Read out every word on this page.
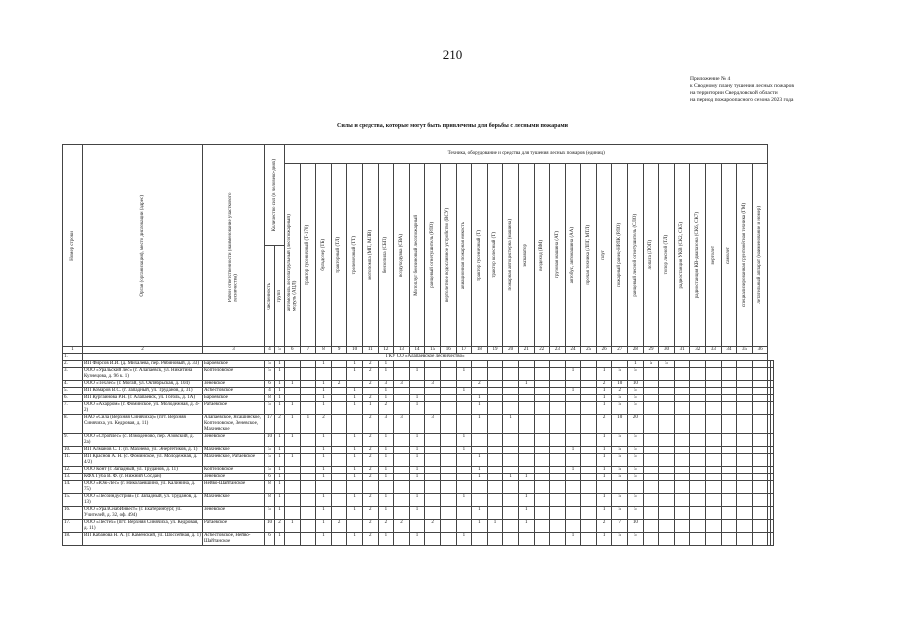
210
Приложение № 4
к Сводному плану тушения лесных пожаров
на территории Свердловской области
на период пожароопасного сезона 2023 года
Силы и средства, которые могут быть привлечены для борьбы с лесными пожарами
Номер строки	Орган (организация), место дислокации (адрес)	Район ответственности (наименование участкового лесничества)	Количество сил (в человеко-днях)		Техника, оборудование и средства для тушения лесных пожаров (единиц)																																

					автомобиль лесопатрульный (лесопожарный) модуль (АЦЛ)	трактор гусеничный (Т-170)	бульдозер (ТБ)	тракторный (ТЛ)	трелевочный (ТТ)	мотопомпа (МП, МЛВ)	бензопила (СБП)	воздуходувка (СВА)	Мотоплуг бензиновый лесопожарный	ранцевый огнетушитель (РЛО)	вертолетное водосливное устройство (ВСУ)	авиационная пожарная емкость	трактор гусеничный (Т)	трактор колесный (Т)	пожарная автоцистерна (машина)	экскаватор	вездеход (ВМ)	грузовая машина (АТ)	автобус, автомашина (АА)	прочая техника (ЛПГ, МТЛ)	плуг	пожарный ранец-НРЛК (РЛО)	ранцевый лесной огнетушитель (СЛО)	лопата (ЛОП)	топор лесной (ТЛ)	радиостанция УКВ (СК2, СК5)	радиостанция КВ-диапазона (СК6, СК7)	вертолет	самолет	специализированная грунтомётная техника (ГМ)	летательный аппарат (наименование и номер)		

			численность	групп																																	

1	2	3	4	5	6	7	8	9	10	11	12	13	14	15	16	17	18	19	20	21	22	23	24	25	26	27	28	29	30	31	32	33	34	35	36		
1.	ГКУ СО «Алапаевское лесничество»																																				
2.	ИП Фирсов И.И. (д. Михалева, пер. Рябиновый, д. 33)	Бароевское	5	1			1		1	2	1																1	5	5								
3.	ООО «Уральский лес» (г. Алапаевск, ул. Никитина Кузнецова, д. 96 к. 1)	Коптеловское	5	1					1	2	1		1			1							1		1	5	5										
4.	ООО «Техлес» (г. Могай, ул. Октябрьская, д. 104)	Зеневское	6	1	1		1	2		2	3	3		3			2			1					2	10	10										
5.	ИП Комаров В.С. (г. Западный, ул. Труданов, д. 31)	Асбестовское	4	1			1		1		1					1							1		1	2	5										
6.	ИП Кургаинова Р.Н. (г. Алапаевск, ул. Гоголь, д. 1А)	Бароевское	8	1			1		1	2	1		1				1								1	5	5										
7.	ООО «Ахарром» (г. Фоминское, ул. Молодежная, д. 4-2)	Ратаевское	5	1	1		1		1	1	2		1				1								1	5	5										
8.	НАО «Сила (Верхняя Синячиха)» (пгт. Верхняя Синячиха, ул. Кедровая, д. 11)	Алапаевское, Ясашинское, Коптеловское, Зеневское, Махневское	17	2	1	1	2			2	3	3		3			1		1						2	10	20										
9.	ООО «Стройлес» (с. Измоденово, пер. Азовский, д. 2а)	Зеневское	10	1	1		1		1	2	1		1			1									1	5	5										
10.	ИП Алманов С. Г. (п. Махнево, ул. Энергетиков, д. 1)	Махневское	5	1			1		1	2	1		1			1							1		1	5	5										
11.	ИП Краснов А. Н. (с. Фоминское, ул. Молодежная, д. 4/2)	Махневское, Ратаевское	5	1	1		1		1	2	1		1				1								1	5	5										
12.	ООО Конт (г. Западный, ул. Труданов, д. 11)	Коптеловское	5	1			1		1	2	1		1				1						1		1	5	5										
13.	КФХ Губа В. Ф. (г. Нижний Сосдан)	Зеневское	6	1			1		1	2	1		1				1		1	1					1	5	5										
14.	ООО «Юж-Лес» (г. Николаевшино, ул. Калинина, д. 75)	Нейво-Шайтанское	8	1																																	
15.	ООО «Лесоиндустрия» (г. Западный, ул. Труданов, д. 13)	Махневское	8	1			1		1	2	1		1			1				1					1	5	5										
16.	ООО «УралСнабИнвест» (г. Екатеринбург, ул. Учителей, д. 32, оф. 494)	Зеневское	5	1			1		1	2	1		1				1			1					1	5	5										
17.	ООО «Лестех» (пгт. Верхняя Синячиха, ул. Кедровая, д. 11)	Ратаевское	10	2	1		1	2		2	2	2		2			1	1		1					2	7	10										
18.	ИП Кабанова Н. А. (г. Каменский, ул. Шоссейная, д. 1)	Асбестовское, Нейво-Шайтанское	6	1			1		1	2	1		1			1							1		1	5	5										
